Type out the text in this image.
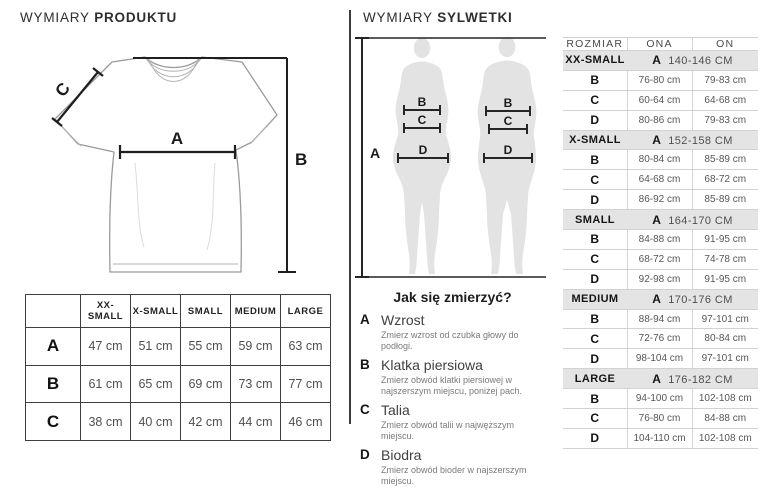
WYMIARY PRODUKTU
A
B
C
	XX-SMALL	X-SMALL	SMALL	MEDIUM	LARGE
A	47 cm	51 cm	55 cm	59 cm	63 cm
B	61 cm	65 cm	69 cm	73 cm	77 cm
C	38 cm	40 cm	42 cm	44 cm	46 cm
WYMIARY SYLWETKI
A
B
C
D
B
C
D
Jak się zmierzyć?
A Wzrost
Zmierz wzrost od czubka głowy do podłogi.
B Klatka piersiowa
Zmierz obwód klatki piersiowej w najszerszym miejscu, poniżej pach.
C Talia
Zmierz obwód talii w najwęższym miejscu.
D Biodra
Zmierz obwód bioder w najszerszym miejscu.
ROZMIAR	ONA	ON
XX-SMALL	A 140-146 CM	
B	76-80 cm	79-83 cm
C	60-64 cm	64-68 cm
D	80-86 cm	79-83 cm
X-SMALL	A 152-158 CM	
B	80-84 cm	85-89 cm
C	64-68 cm	68-72 cm
D	86-92 cm	85-89 cm
SMALL	A 164-170 CM	
B	84-88 cm	91-95 cm
C	68-72 cm	74-78 cm
D	92-98 cm	91-95 cm
MEDIUM	A 170-176 CM	
B	88-94 cm	97-101 cm
C	72-76 cm	80-84 cm
D	98-104 cm	97-101 cm
LARGE	A 176-182 CM	
B	94-100 cm	102-108 cm
C	76-80 cm	84-88 cm
D	104-110 cm	102-108 cm
